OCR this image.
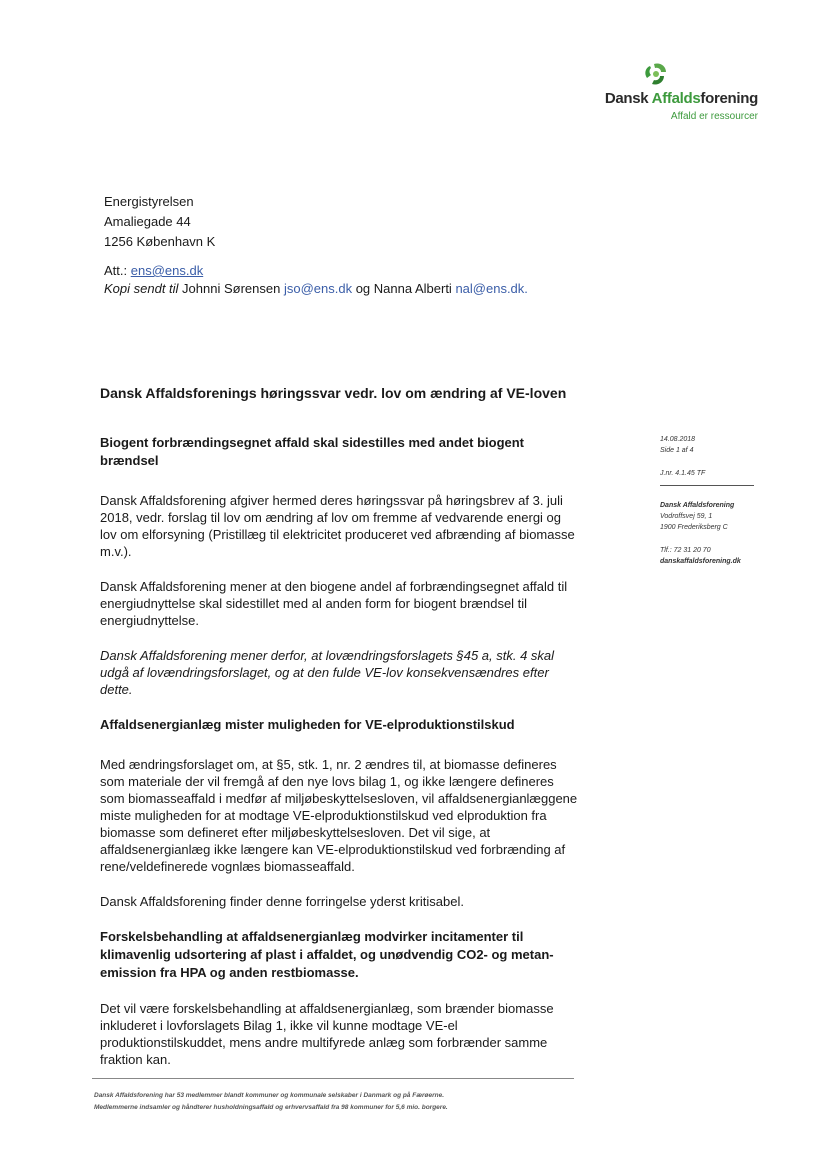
Dansk Affaldsforening
Affald er ressourcer
Energistyrelsen
Amaliegade 44
1256 København K
Att.: ens@ens.dk
Kopi sendt til Johnni Sørensen jso@ens.dk og Nanna Alberti nal@ens.dk.
14.08.2018
Side 1 af 4
J.nr. 4.1.45 TF
Dansk Affaldsforening
Vodroffsvej 59, 1
1900 Frederiksberg C
Tlf.: 72 31 20 70
danskaffaldsforening.dk
Dansk Affaldsforenings høringssvar vedr. lov om ændring af VE-loven
Biogent forbrændingsegnet affald skal sidestilles med andet biogent brændsel

Dansk Affaldsforening afgiver hermed deres høringssvar på høringsbrev af 3. juli 2018, vedr. forslag til lov om ændring af lov om fremme af vedvarende energi og lov om elforsyning (Pristillæg til elektricitet produceret ved afbrænding af biomasse m.v.).

Dansk Affaldsforening mener at den biogene andel af forbrændingsegnet affald til energiudnyttelse skal sidestillet med al anden form for biogent brændsel til energiudnyttelse.

Dansk Affaldsforening mener derfor, at lovændringsforslagets §45 a, stk. 4 skal udgå af lovændringsforslaget, og at den fulde VE-lov konsekvensændres efter dette.

Affaldsenergianlæg mister muligheden for VE-elproduktionstilskud

Med ændringsforslaget om, at §5, stk. 1, nr. 2 ændres til, at biomasse defineres som materiale der vil fremgå af den nye lovs bilag 1, og ikke længere defineres som biomasseaffald i medfør af miljøbeskyttelsesloven, vil affaldsenergianlæggene miste muligheden for at modtage VE-elproduktionstilskud ved elproduktion fra biomasse som defineret efter miljøbeskyttelsesloven. Det vil sige, at affaldsenergianlæg ikke længere kan VE-elproduktionstilskud ved forbrænding af rene/veldefinerede vognlæs biomasseaffald.

Dansk Affaldsforening finder denne forringelse yderst kritisabel.

Forskelsbehandling at affaldsenergianlæg modvirker incitamenter til klimavenlig udsortering af plast i affaldet, og unødvendig CO2- og metan-emission fra HPA og anden restbiomasse.

Det vil være forskelsbehandling at affaldsenergianlæg, som brænder biomasse inkluderet i lovforslagets Bilag 1, ikke vil kunne modtage VE-el produktionstilskuddet, mens andre multifyrede anlæg som forbrænder samme fraktion kan.

Dansk Affaldsforening har 53 medlemmer blandt kommuner og kommunale selskaber i Danmark og på Færøerne.
Medlemmerne indsamler og håndterer husholdningsaffald og erhvervsaffald fra 98 kommuner for 5,6 mio. borgere.
